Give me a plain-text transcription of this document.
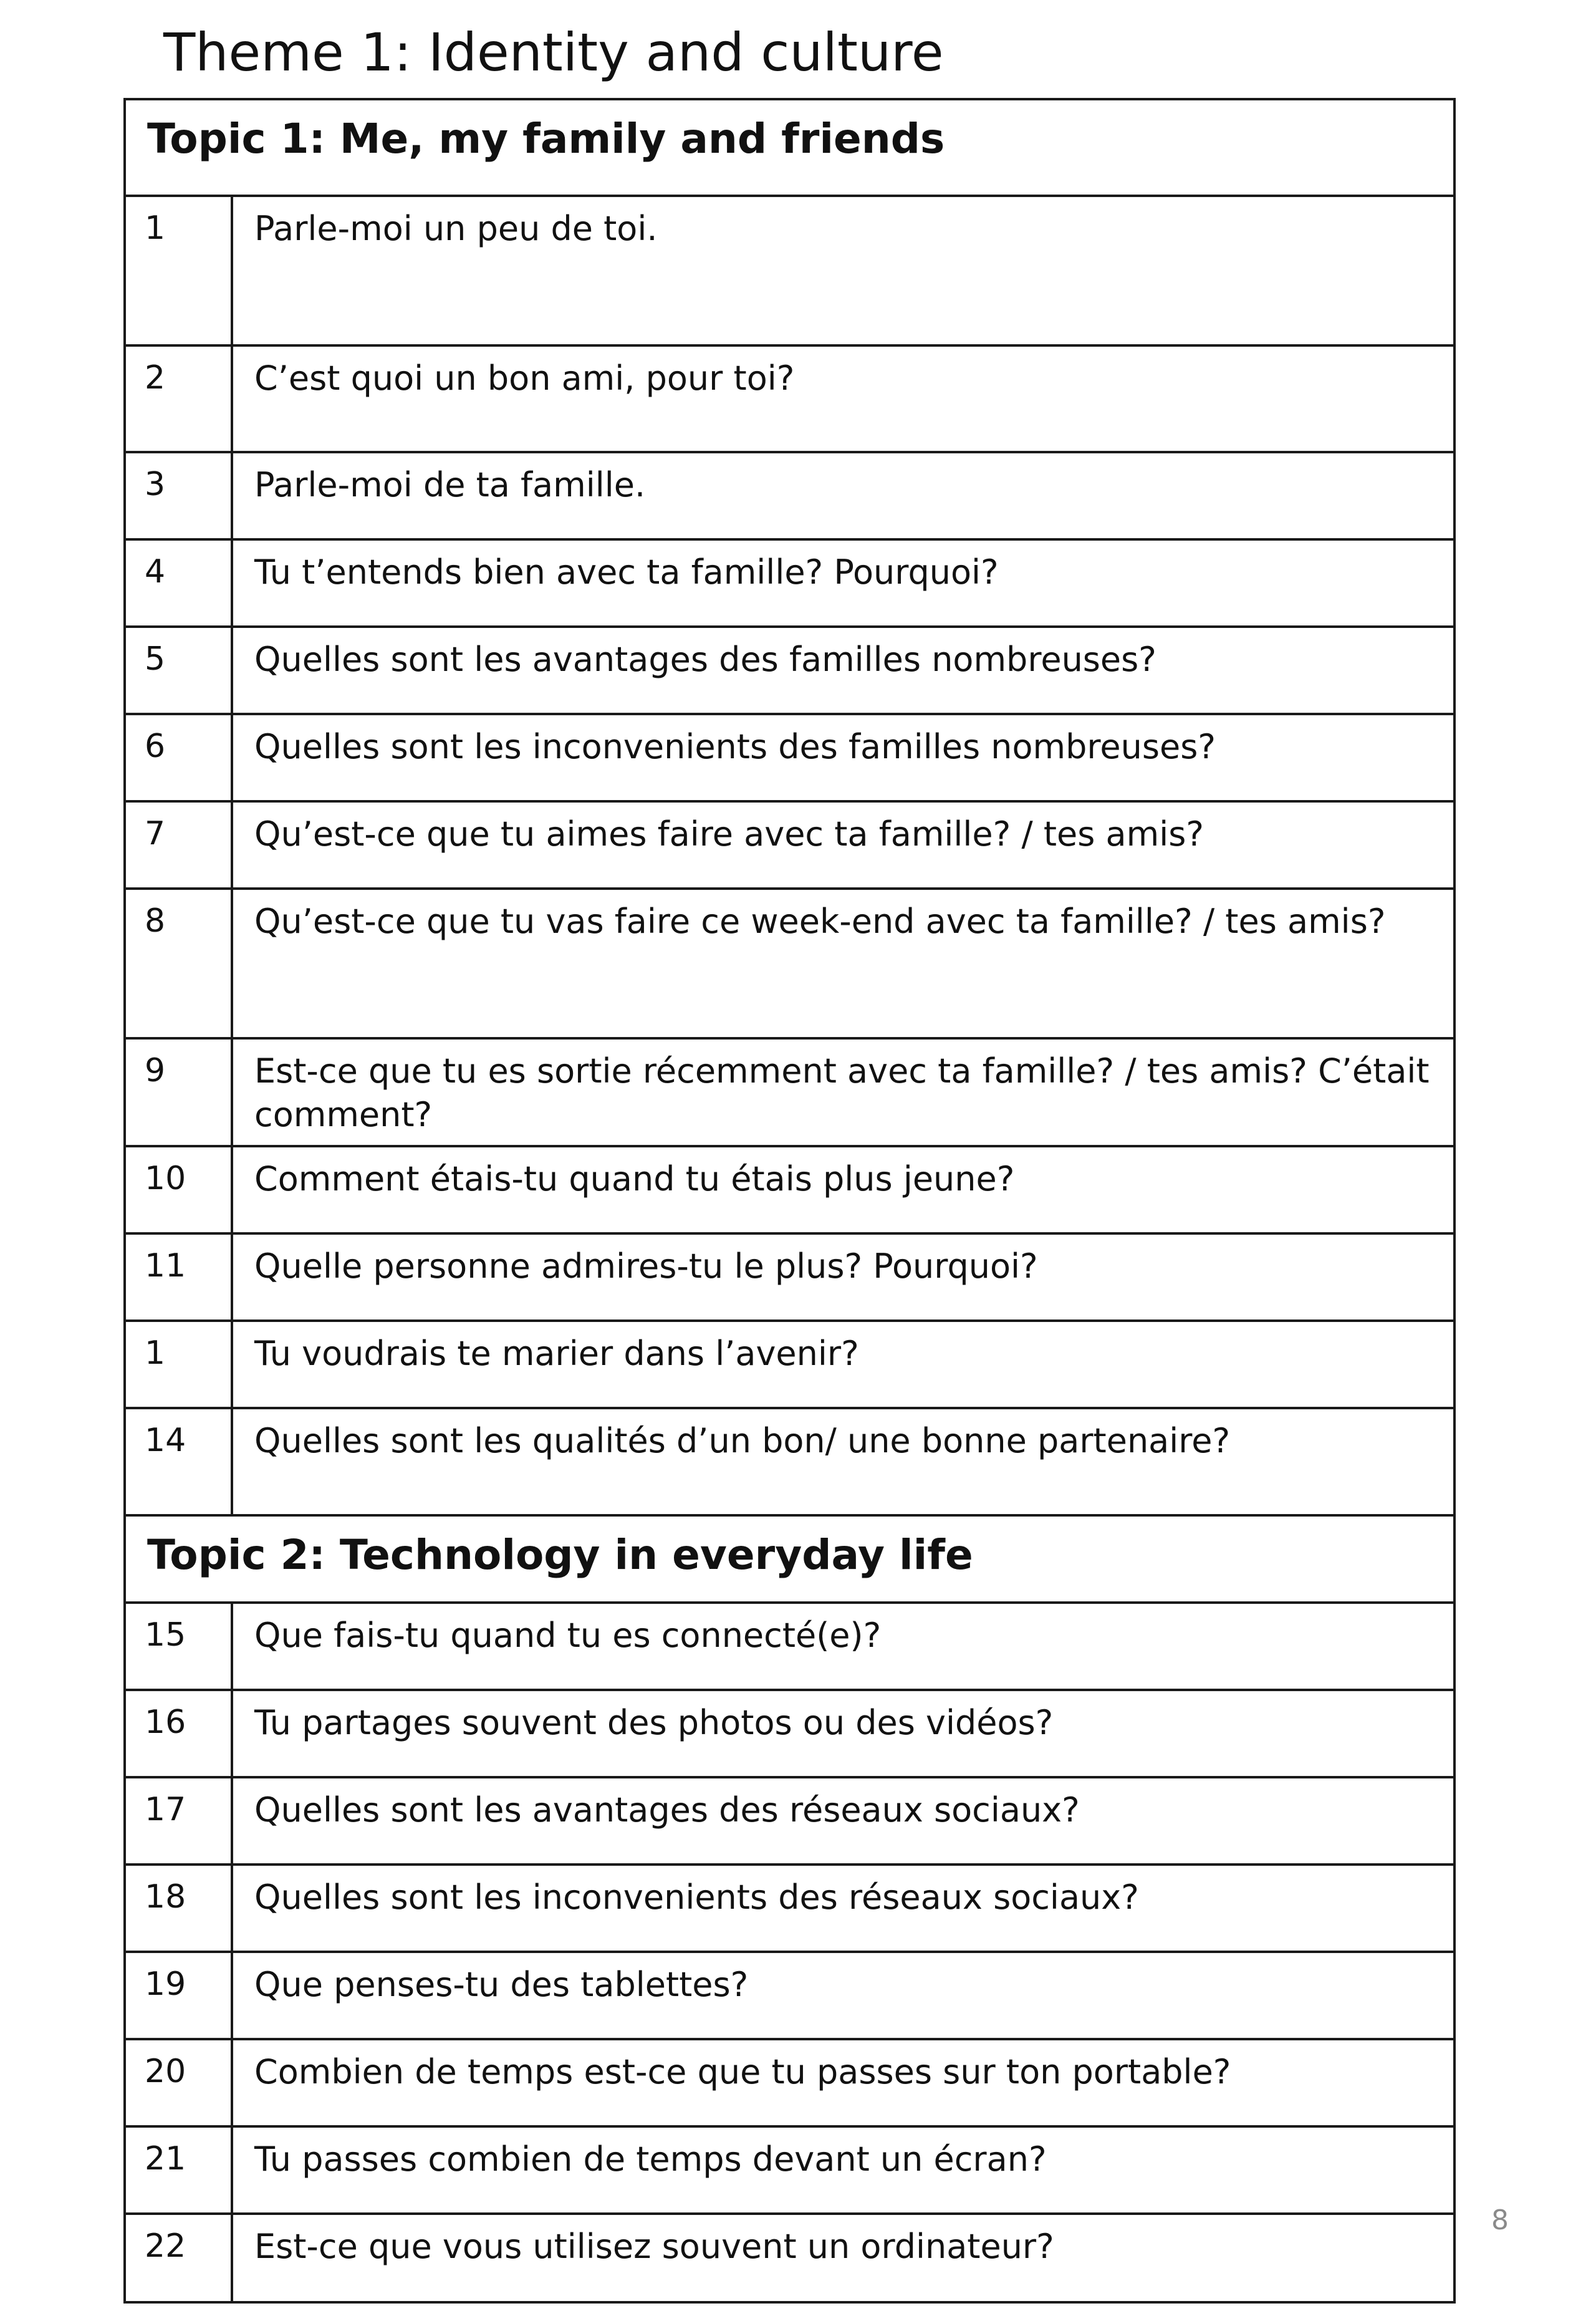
Theme 1: Identity and culture
Topic 1: Me, my family and friends	
1	Parle-moi un peu de toi.
2	C’est quoi un bon ami, pour toi?
3	Parle-moi de ta famille.
4	Tu t’entends bien avec ta famille? Pourquoi?
5	Quelles sont les avantages des familles nombreuses?
6	Quelles sont les inconvenients des familles nombreuses?
7	Qu’est-ce que tu aimes faire avec ta famille? / tes amis?
8	Qu’est-ce que tu vas faire ce week-end avec ta famille? / tes amis?
9	Est-ce que tu es sortie récemment avec ta famille? / tes amis? C’était comment?
10	Comment étais-tu quand tu étais plus jeune?
11	Quelle personne admires-tu le plus? Pourquoi?
1	Tu voudrais te marier dans l’avenir?
14	Quelles sont les qualités d’un bon/ une bonne partenaire?
Topic 2: Technology in everyday life	
15	Que fais-tu quand tu es connecté(e)?
16	Tu partages souvent des photos ou des vidéos?
17	Quelles sont les avantages des réseaux sociaux?
18	Quelles sont les inconvenients des réseaux sociaux?
19	Que penses-tu des tablettes?
20	Combien de temps est-ce que tu passes sur ton portable?
21	Tu passes combien de temps devant un écran?
22	Est-ce que vous utilisez souvent un ordinateur?
8
